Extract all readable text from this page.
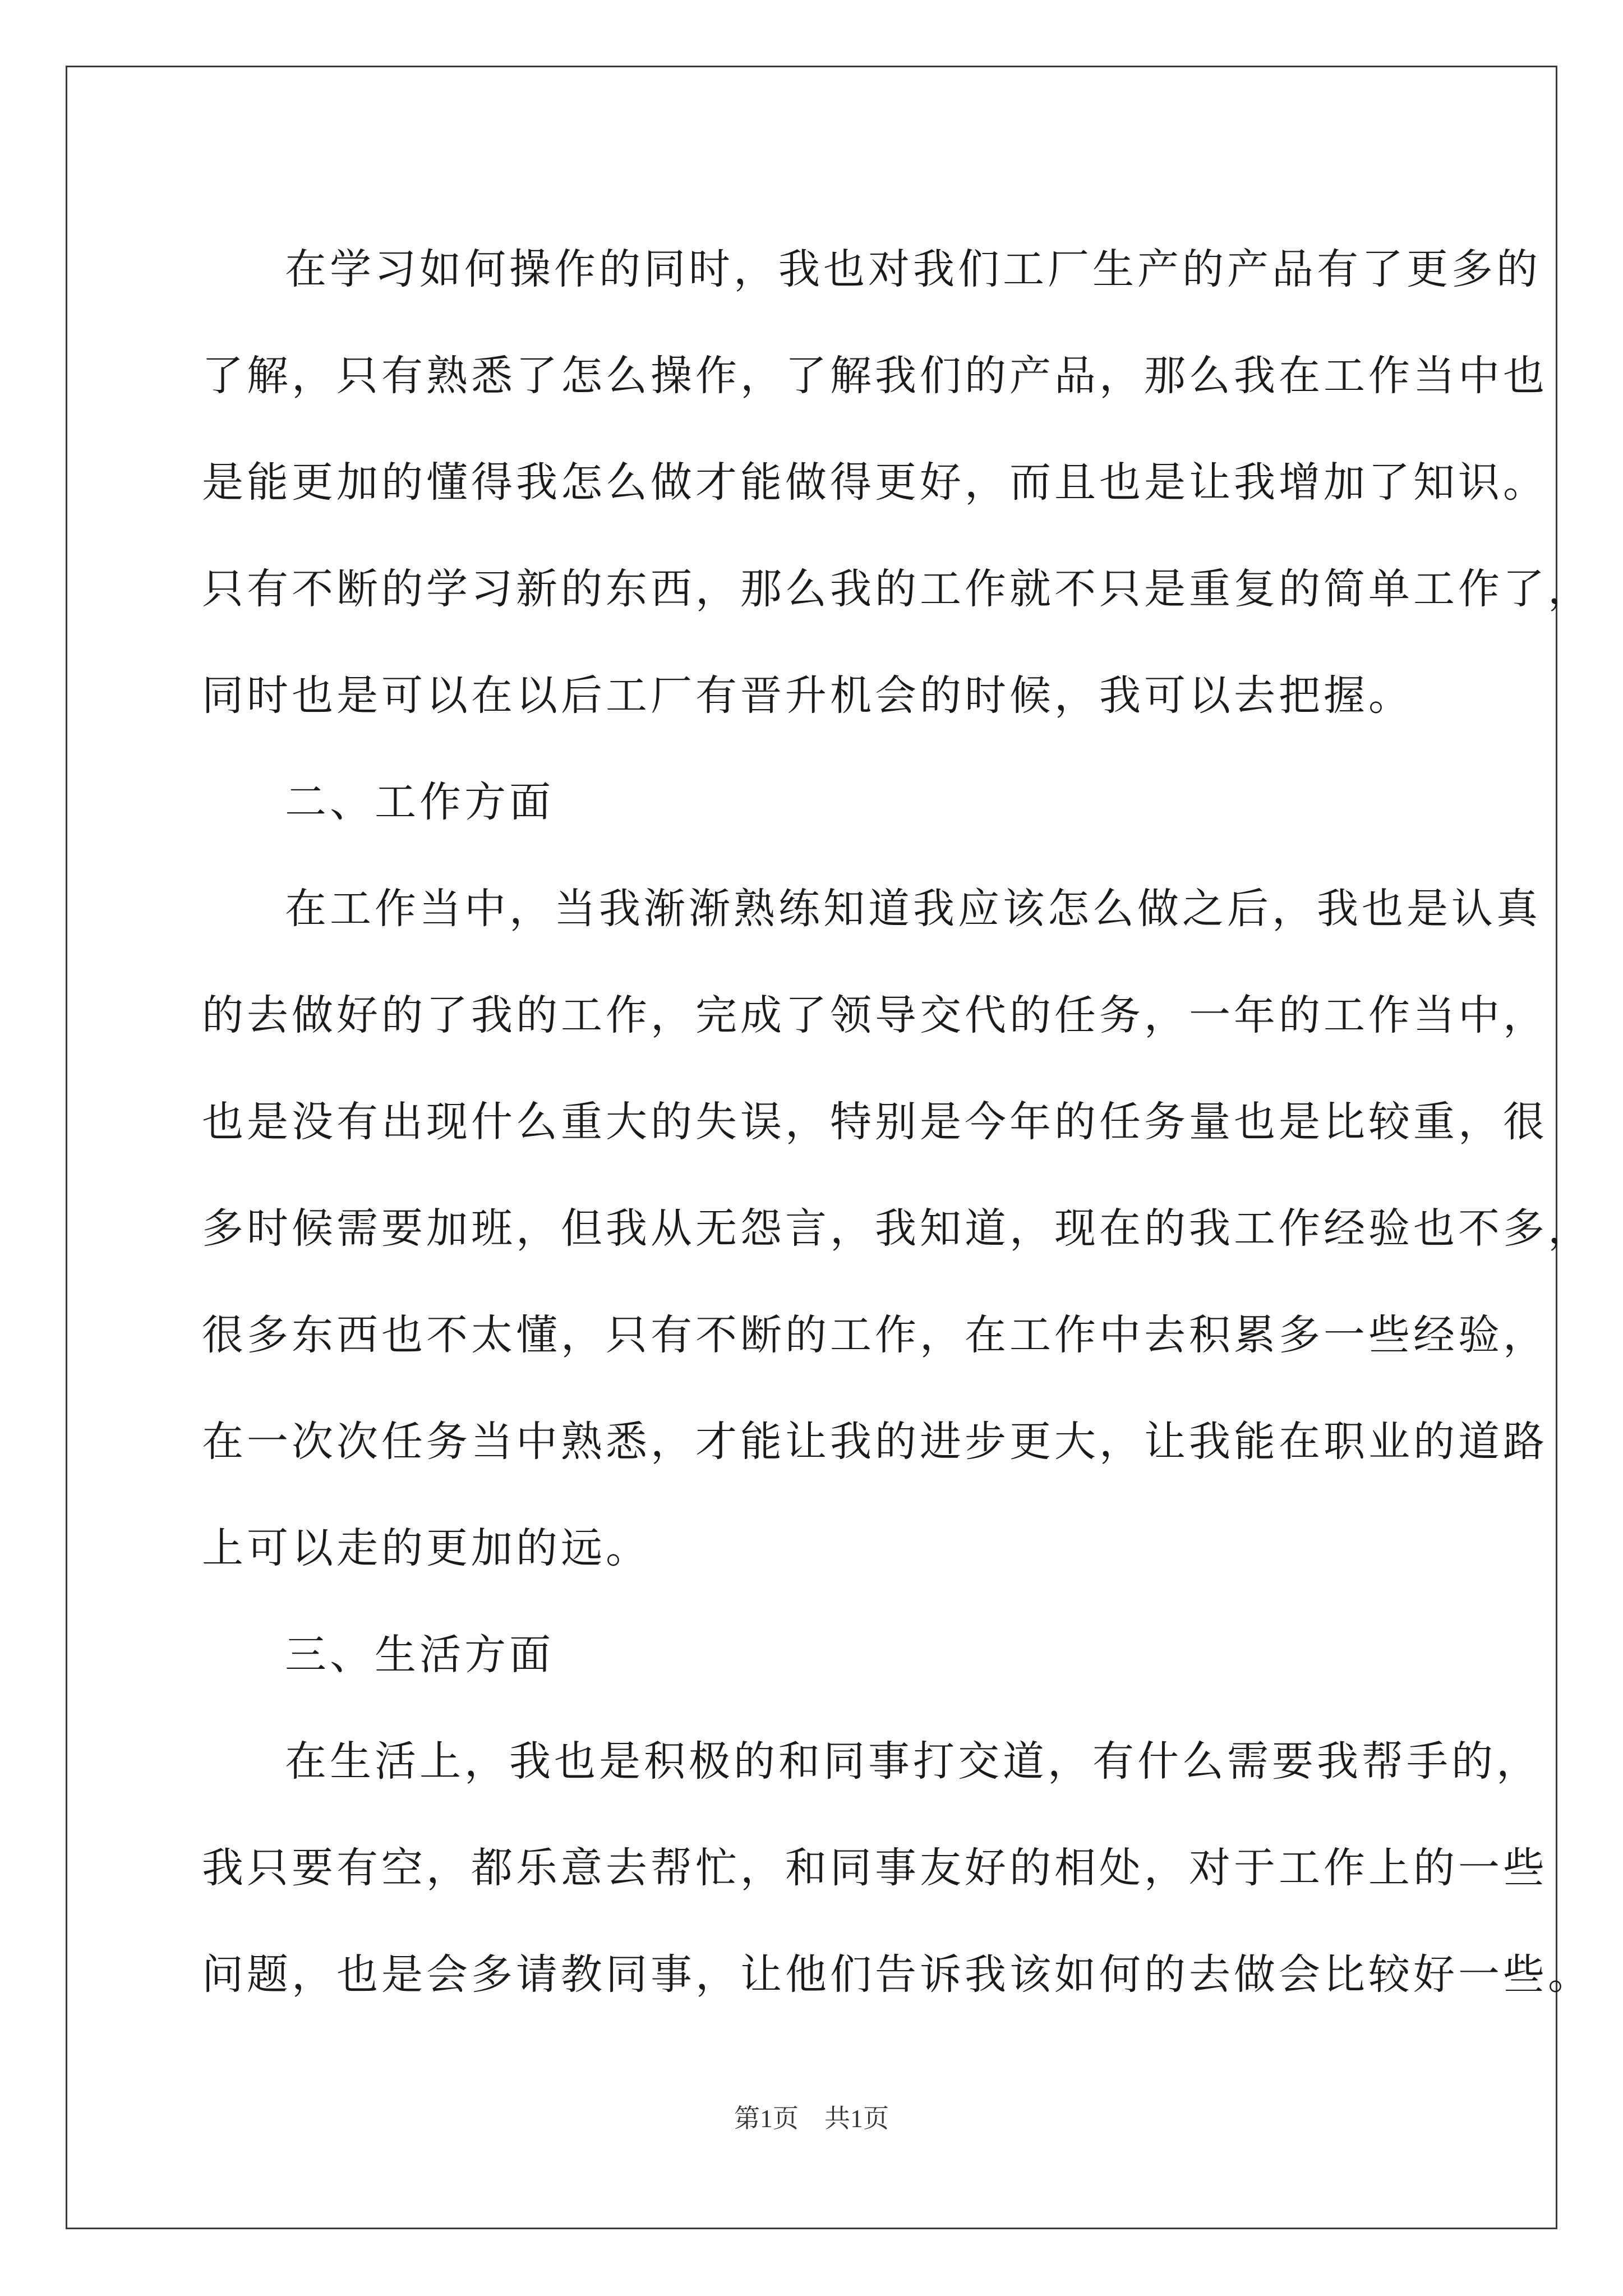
在学习如何操作的同时，我也对我们工厂生产的产品有了更多的
了解，只有熟悉了怎么操作，了解我们的产品，那么我在工作当中也
是能更加的懂得我怎么做才能做得更好，而且也是让我增加了知识。
只有不断的学习新的东西，那么我的工作就不只是重复的简单工作了，
同时也是可以在以后工厂有晋升机会的时候，我可以去把握。
二、工作方面
在工作当中，当我渐渐熟练知道我应该怎么做之后，我也是认真
的去做好的了我的工作，完成了领导交代的任务，一年的工作当中，
也是没有出现什么重大的失误，特别是今年的任务量也是比较重，很
多时候需要加班，但我从无怨言，我知道，现在的我工作经验也不多，
很多东西也不太懂，只有不断的工作，在工作中去积累多一些经验，
在一次次任务当中熟悉，才能让我的进步更大，让我能在职业的道路
上可以走的更加的远。
三、生活方面
在生活上，我也是积极的和同事打交道，有什么需要我帮手的，
我只要有空，都乐意去帮忙，和同事友好的相处，对于工作上的一些
问题，也是会多请教同事，让他们告诉我该如何的去做会比较好一些。
第1页　共1页
